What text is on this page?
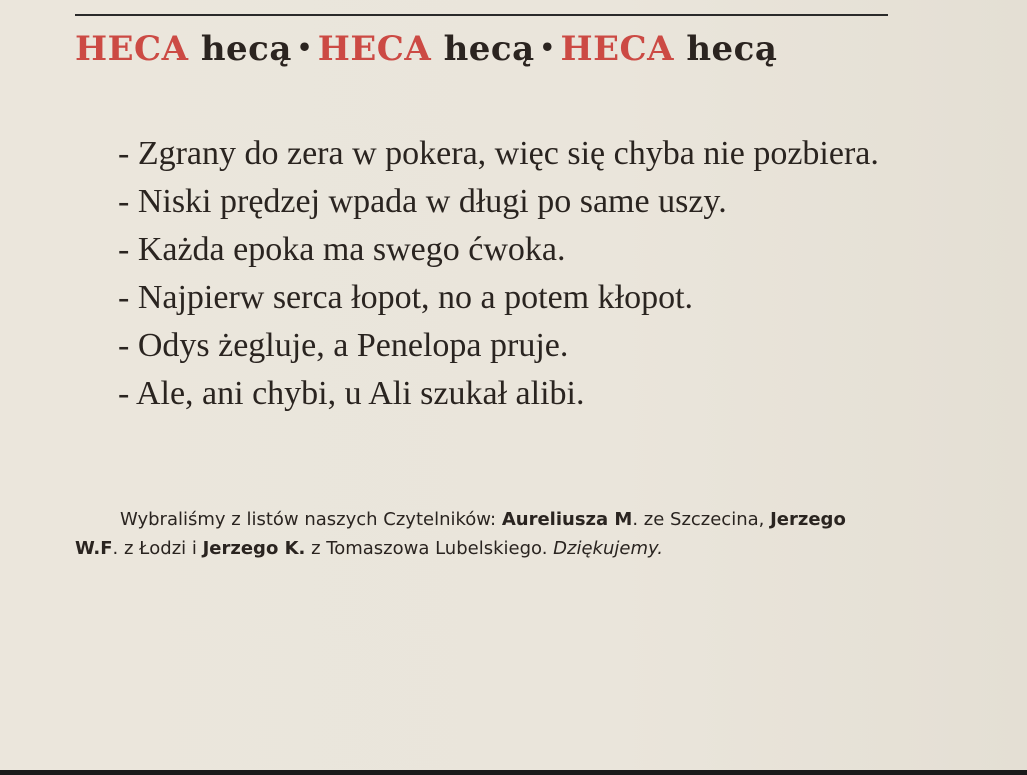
HECA hecą • HECA hecą • HECA hecą
- Zgrany do zera w pokera, więc się chyba nie pozbiera.
- Niski prędzej wpada w długi po same uszy.
- Każda epoka ma swego ćwoka.
- Najpierw serca łopot, no a potem kłopot.
- Odys żegluje, a Penelopa pruje.
- Ale, ani chybi, u Ali szukał alibi.
Wybraliśmy z listów naszych Czytelników: Aureliusza M. ze Szczecina, Jerzego W.F. z Łodzi i Jerzego K. z Tomaszowa Lubelskiego. Dziękujemy.
